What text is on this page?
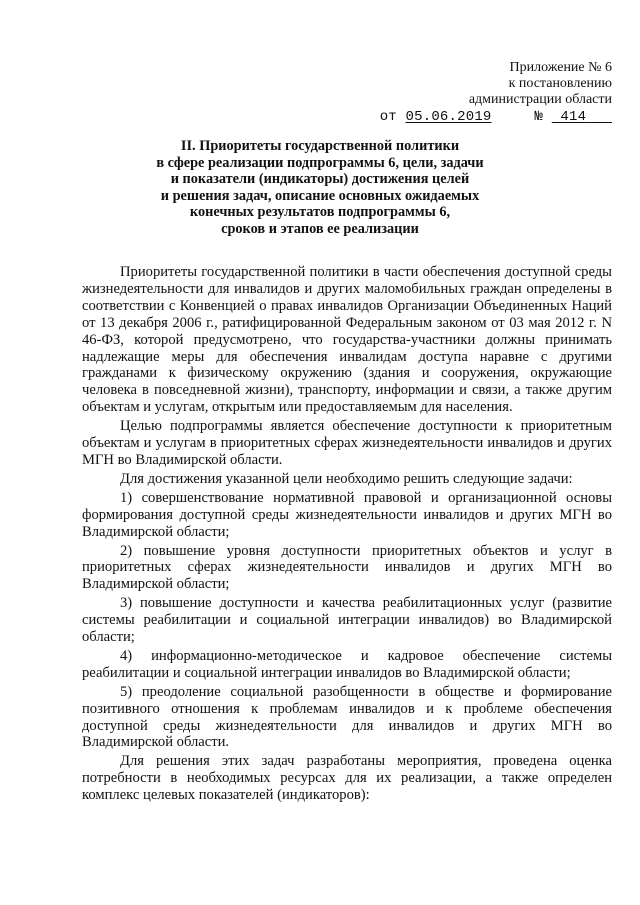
Приложение № 6
к постановлению
администрации области
от 05.06.2019	№ 414
II. Приоритеты государственной политики
в сфере реализации подпрограммы 6, цели, задачи
и показатели (индикаторы) достижения целей
и решения задач, описание основных ожидаемых
конечных результатов подпрограммы 6,
сроков и этапов ее реализации

Приоритеты государственной политики в части обеспечения доступной среды жизнедеятельности для инвалидов и других маломобильных граждан определены в соответствии с Конвенцией о правах инвалидов Организации Объединенных Наций от 13 декабря 2006 г., ратифицированной Федеральным законом от 03 мая 2012 г. N 46-ФЗ, которой предусмотрено, что государства-участники должны принимать надлежащие меры для обеспечения инвалидам доступа наравне с другими гражданами к физическому окружению (здания и сооружения, окружающие человека в повседневной жизни), транспорту, информации и связи, а также другим объектам и услугам, открытым или предоставляемым для населения.

Целью подпрограммы является обеспечение доступности к приоритетным объектам и услугам в приоритетных сферах жизнедеятельности инвалидов и других МГН во Владимирской области.

Для достижения указанной цели необходимо решить следующие задачи:

1) совершенствование нормативной правовой и организационной основы формирования доступной среды жизнедеятельности инвалидов и других МГН во Владимирской области;

2) повышение уровня доступности приоритетных объектов и услуг в приоритетных сферах жизнедеятельности инвалидов и других МГН во Владимирской области;

3) повышение доступности и качества реабилитационных услуг (развитие системы реабилитации и социальной интеграции инвалидов) во Владимирской области;

4) информационно-методическое и кадровое обеспечение системы реабилитации и социальной интеграции инвалидов во Владимирской области;

5) преодоление социальной разобщенности в обществе и формирование позитивного отношения к проблемам инвалидов и к проблеме обеспечения доступной среды жизнедеятельности для инвалидов и других МГН во Владимирской области.

Для решения этих задач разработаны мероприятия, проведена оценка потребности в необходимых ресурсах для их реализации, а также определен комплекс целевых показателей (индикаторов):
